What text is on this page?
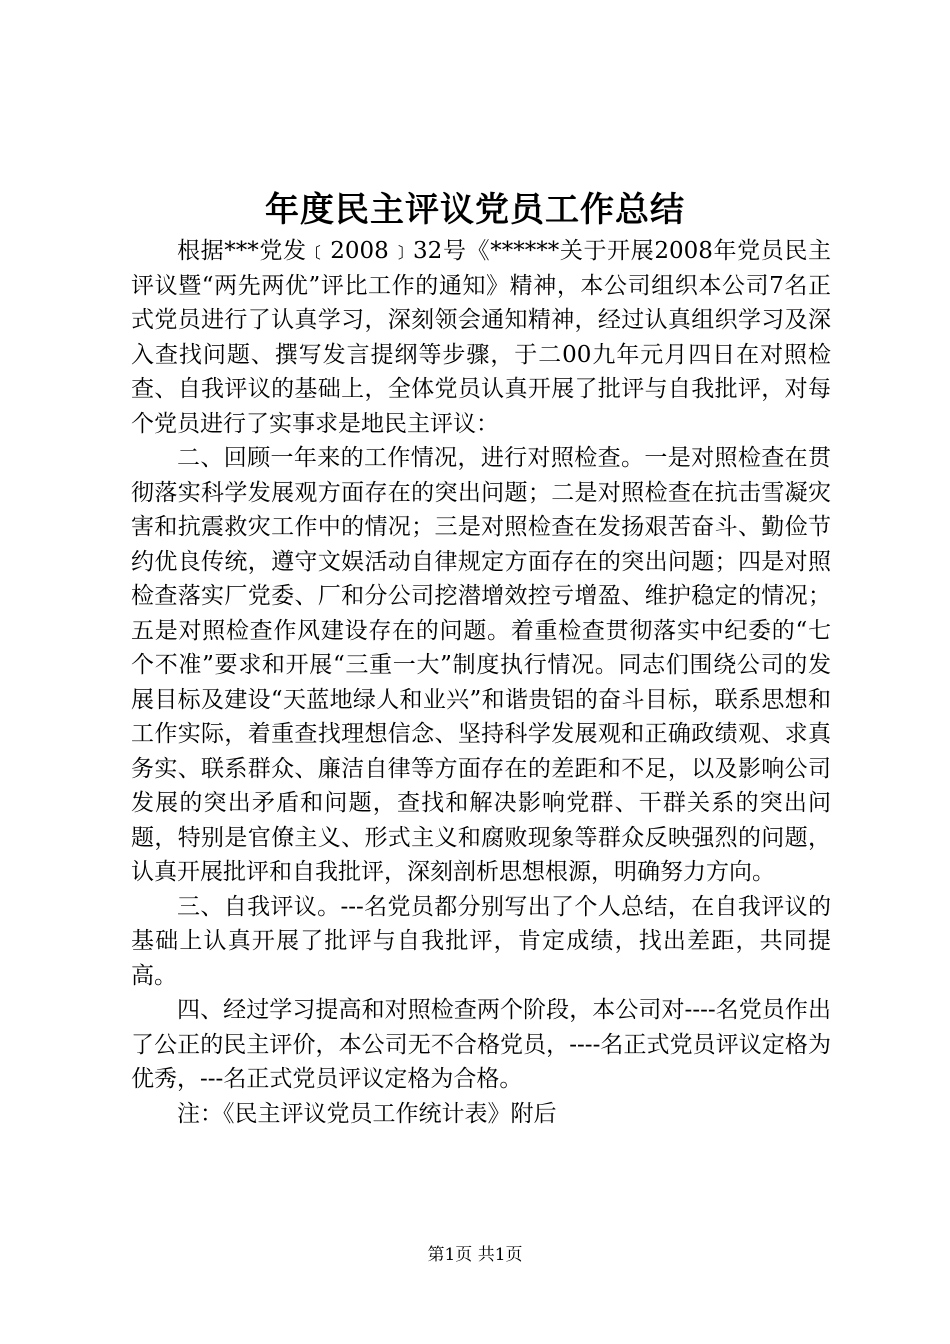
年度民主评议党员工作总结

根据***党发﹝2008﹞32号《******关于开展2008年党员民主评议暨“两先两优”评比工作的通知》精神，本公司组织本公司7名正式党员进行了认真学习，深刻领会通知精神，经过认真组织学习及深入查找问题、撰写发言提纲等步骤，于二00九年元月四日在对照检查、自我评议的基础上，全体党员认真开展了批评与自我批评，对每个党员进行了实事求是地民主评议：

二、回顾一年来的工作情况，进行对照检查。一是对照检查在贯彻落实科学发展观方面存在的突出问题；二是对照检查在抗击雪凝灾害和抗震救灾工作中的情况；三是对照检查在发扬艰苦奋斗、勤俭节约优良传统，遵守文娱活动自律规定方面存在的突出问题；四是对照检查落实厂党委、厂和分公司挖潜增效控亏增盈、维护稳定的情况；五是对照检查作风建设存在的问题。着重检查贯彻落实中纪委的“七个不准”要求和开展“三重一大”制度执行情况。同志们围绕公司的发展目标及建设“天蓝地绿人和业兴”和谐贵铝的奋斗目标，联系思想和工作实际，着重查找理想信念、坚持科学发展观和正确政绩观、求真务实、联系群众、廉洁自律等方面存在的差距和不足，以及影响公司发展的突出矛盾和问题，查找和解决影响党群、干群关系的突出问题，特别是官僚主义、形式主义和腐败现象等群众反映强烈的问题，认真开展批评和自我批评，深刻剖析思想根源，明确努力方向。

三、自我评议。---名党员都分别写出了个人总结，在自我评议的基础上认真开展了批评与自我批评，肯定成绩，找出差距，共同提高。

四、经过学习提高和对照检查两个阶段，本公司对----名党员作出了公正的民主评价，本公司无不合格党员，----名正式党员评议定格为优秀，---名正式党员评议定格为合格。

注：《民主评议党员工作统计表》附后

第1页 共1页
